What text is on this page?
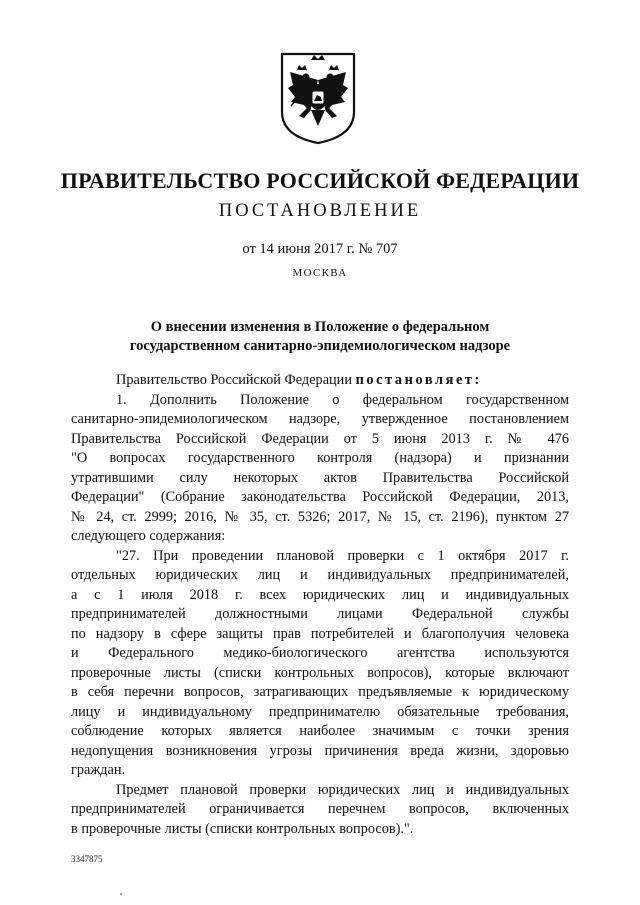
ПРАВИТЕЛЬСТВО РОССИЙСКОЙ ФЕДЕРАЦИИ
ПОСТАНОВЛЕНИЕ
от 14 июня 2017 г. № 707
МОСКВА
О внесении изменения в Положение о федеральном
государственном санитарно-эпидемиологическом надзоре
Правительство Российской Федерации постановляет:
1. Дополнить Положение о федеральном государственном
санитарно-эпидемиологическом надзоре, утвержденное постановлением
Правительства Российской Федерации от 5 июня 2013 г. № 476
"О вопросах государственного контроля (надзора) и признании
утратившими силу некоторых актов Правительства Российской
Федерации" (Собрание законодательства Российской Федерации, 2013,
№ 24, ст. 2999; 2016, № 35, ст. 5326; 2017, № 15, ст. 2196), пунктом 27
следующего содержания:
"27. При проведении плановой проверки с 1 октября 2017 г.
отдельных юридических лиц и индивидуальных предпринимателей,
а с 1 июля 2018 г. всех юридических лиц и индивидуальных
предпринимателей должностными лицами Федеральной службы
по надзору в сфере защиты прав потребителей и благополучия человека
и Федерального медико-биологического агентства используются
проверочные листы (списки контрольных вопросов), которые включают
в себя перечни вопросов, затрагивающих предъявляемые к юридическому
лицу и индивидуальному предпринимателю обязательные требования,
соблюдение которых является наиболее значимым с точки зрения
недопущения возникновения угрозы причинения вреда жизни, здоровью
граждан.
Предмет плановой проверки юридических лиц и индивидуальных
предпринимателей ограничивается перечнем вопросов, включенных
в проверочные листы (списки контрольных вопросов).".
3347875
